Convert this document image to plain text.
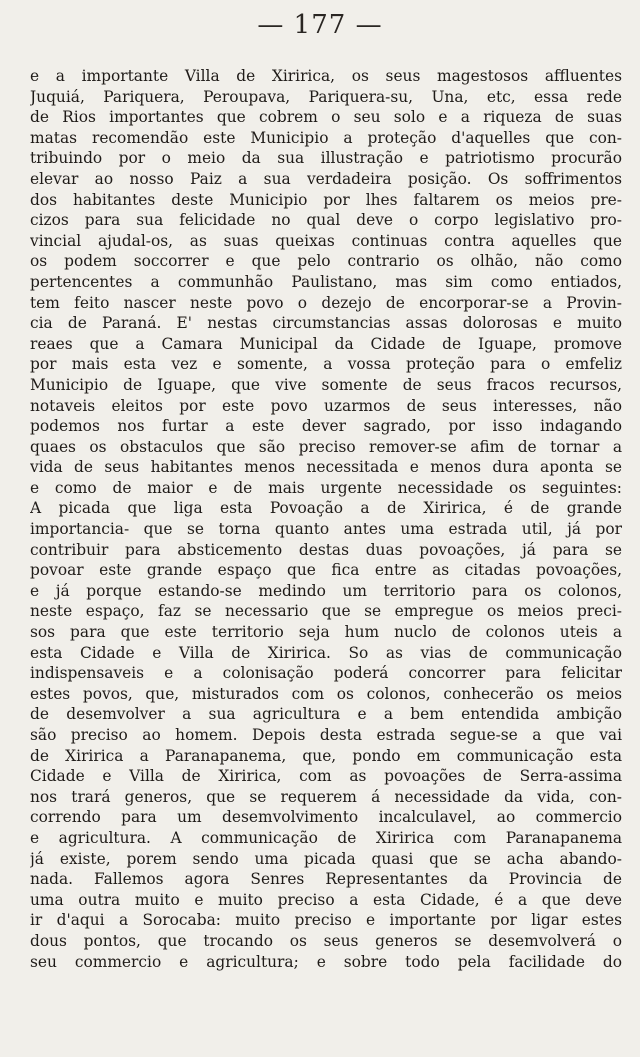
— 177 —
e a importante Villa de Xiririca, os seus magestosos affluentes
Juquiá, Pariquera, Peroupava, Pariquera-su, Una, etc, essa rede
de Rios importantes que cobrem o seu solo e a riqueza de suas
matas recomendão este Municipio a proteção d'aquelles que con-
tribuindo por o meio da sua illustração e patriotismo procurão
elevar ao nosso Paiz a sua verdadeira posição. Os soffrimentos
dos habitantes deste Municipio por lhes faltarem os meios pre-
cizos para sua felicidade no qual deve o corpo legislativo pro-
vincial ajudal-os, as suas queixas continuas contra aquelles que
os podem soccorrer e que pelo contrario os olhão, não como
pertencentes a communhão Paulistano, mas sim como entiados,
tem feito nascer neste povo o dezejo de encorporar-se a Provin-
cia de Paraná. E' nestas circumstancias assas dolorosas e muito
reaes que a Camara Municipal da Cidade de Iguape, promove
por mais esta vez e somente, a vossa proteção para o emfeliz
Municipio de Iguape, que vive somente de seus fracos recursos,
notaveis eleitos por este povo uzarmos de seus interesses, não
podemos nos furtar a este dever sagrado, por isso indagando
quaes os obstaculos que são preciso remover-se afim de tornar a
vida de seus habitantes menos necessitada e menos dura aponta se
e como de maior e de mais urgente necessidade os seguintes:
A picada que liga esta Povoação a de Xiririca, é de grande
importancia- que se torna quanto antes uma estrada util, já por
contribuir para absticemento destas duas povoações, já para se
povoar este grande espaço que fica entre as citadas povoações,
e já porque estando-se medindo um territorio para os colonos,
neste espaço, faz se necessario que se empregue os meios preci-
sos para que este territorio seja hum nuclo de colonos uteis a
esta Cidade e Villa de Xiririca. So as vias de communicação
indispensaveis e a colonisação poderá concorrer para felicitar
estes povos, que, misturados com os colonos, conhecerão os meios
de desemvolver a sua agricultura e a bem entendida ambição
são preciso ao homem. Depois desta estrada segue-se a que vai
de Xiririca a Paranapanema, que, pondo em communicação esta
Cidade e Villa de Xiririca, com as povoações de Serra-assima
nos trará generos, que se requerem á necessidade da vida, con-
correndo para um desemvolvimento incalculavel, ao commercio
e agricultura. A communicação de Xiririca com Paranapanema
já existe, porem sendo uma picada quasi que se acha abando-
nada. Fallemos agora Senres Representantes da Provincia de
uma outra muito e muito preciso a esta Cidade, é a que deve
ir d'aqui a Sorocaba: muito preciso e importante por ligar estes
dous pontos, que trocando os seus generos se desemvolverá o
seu commercio e agricultura; e sobre todo pela facilidade do
